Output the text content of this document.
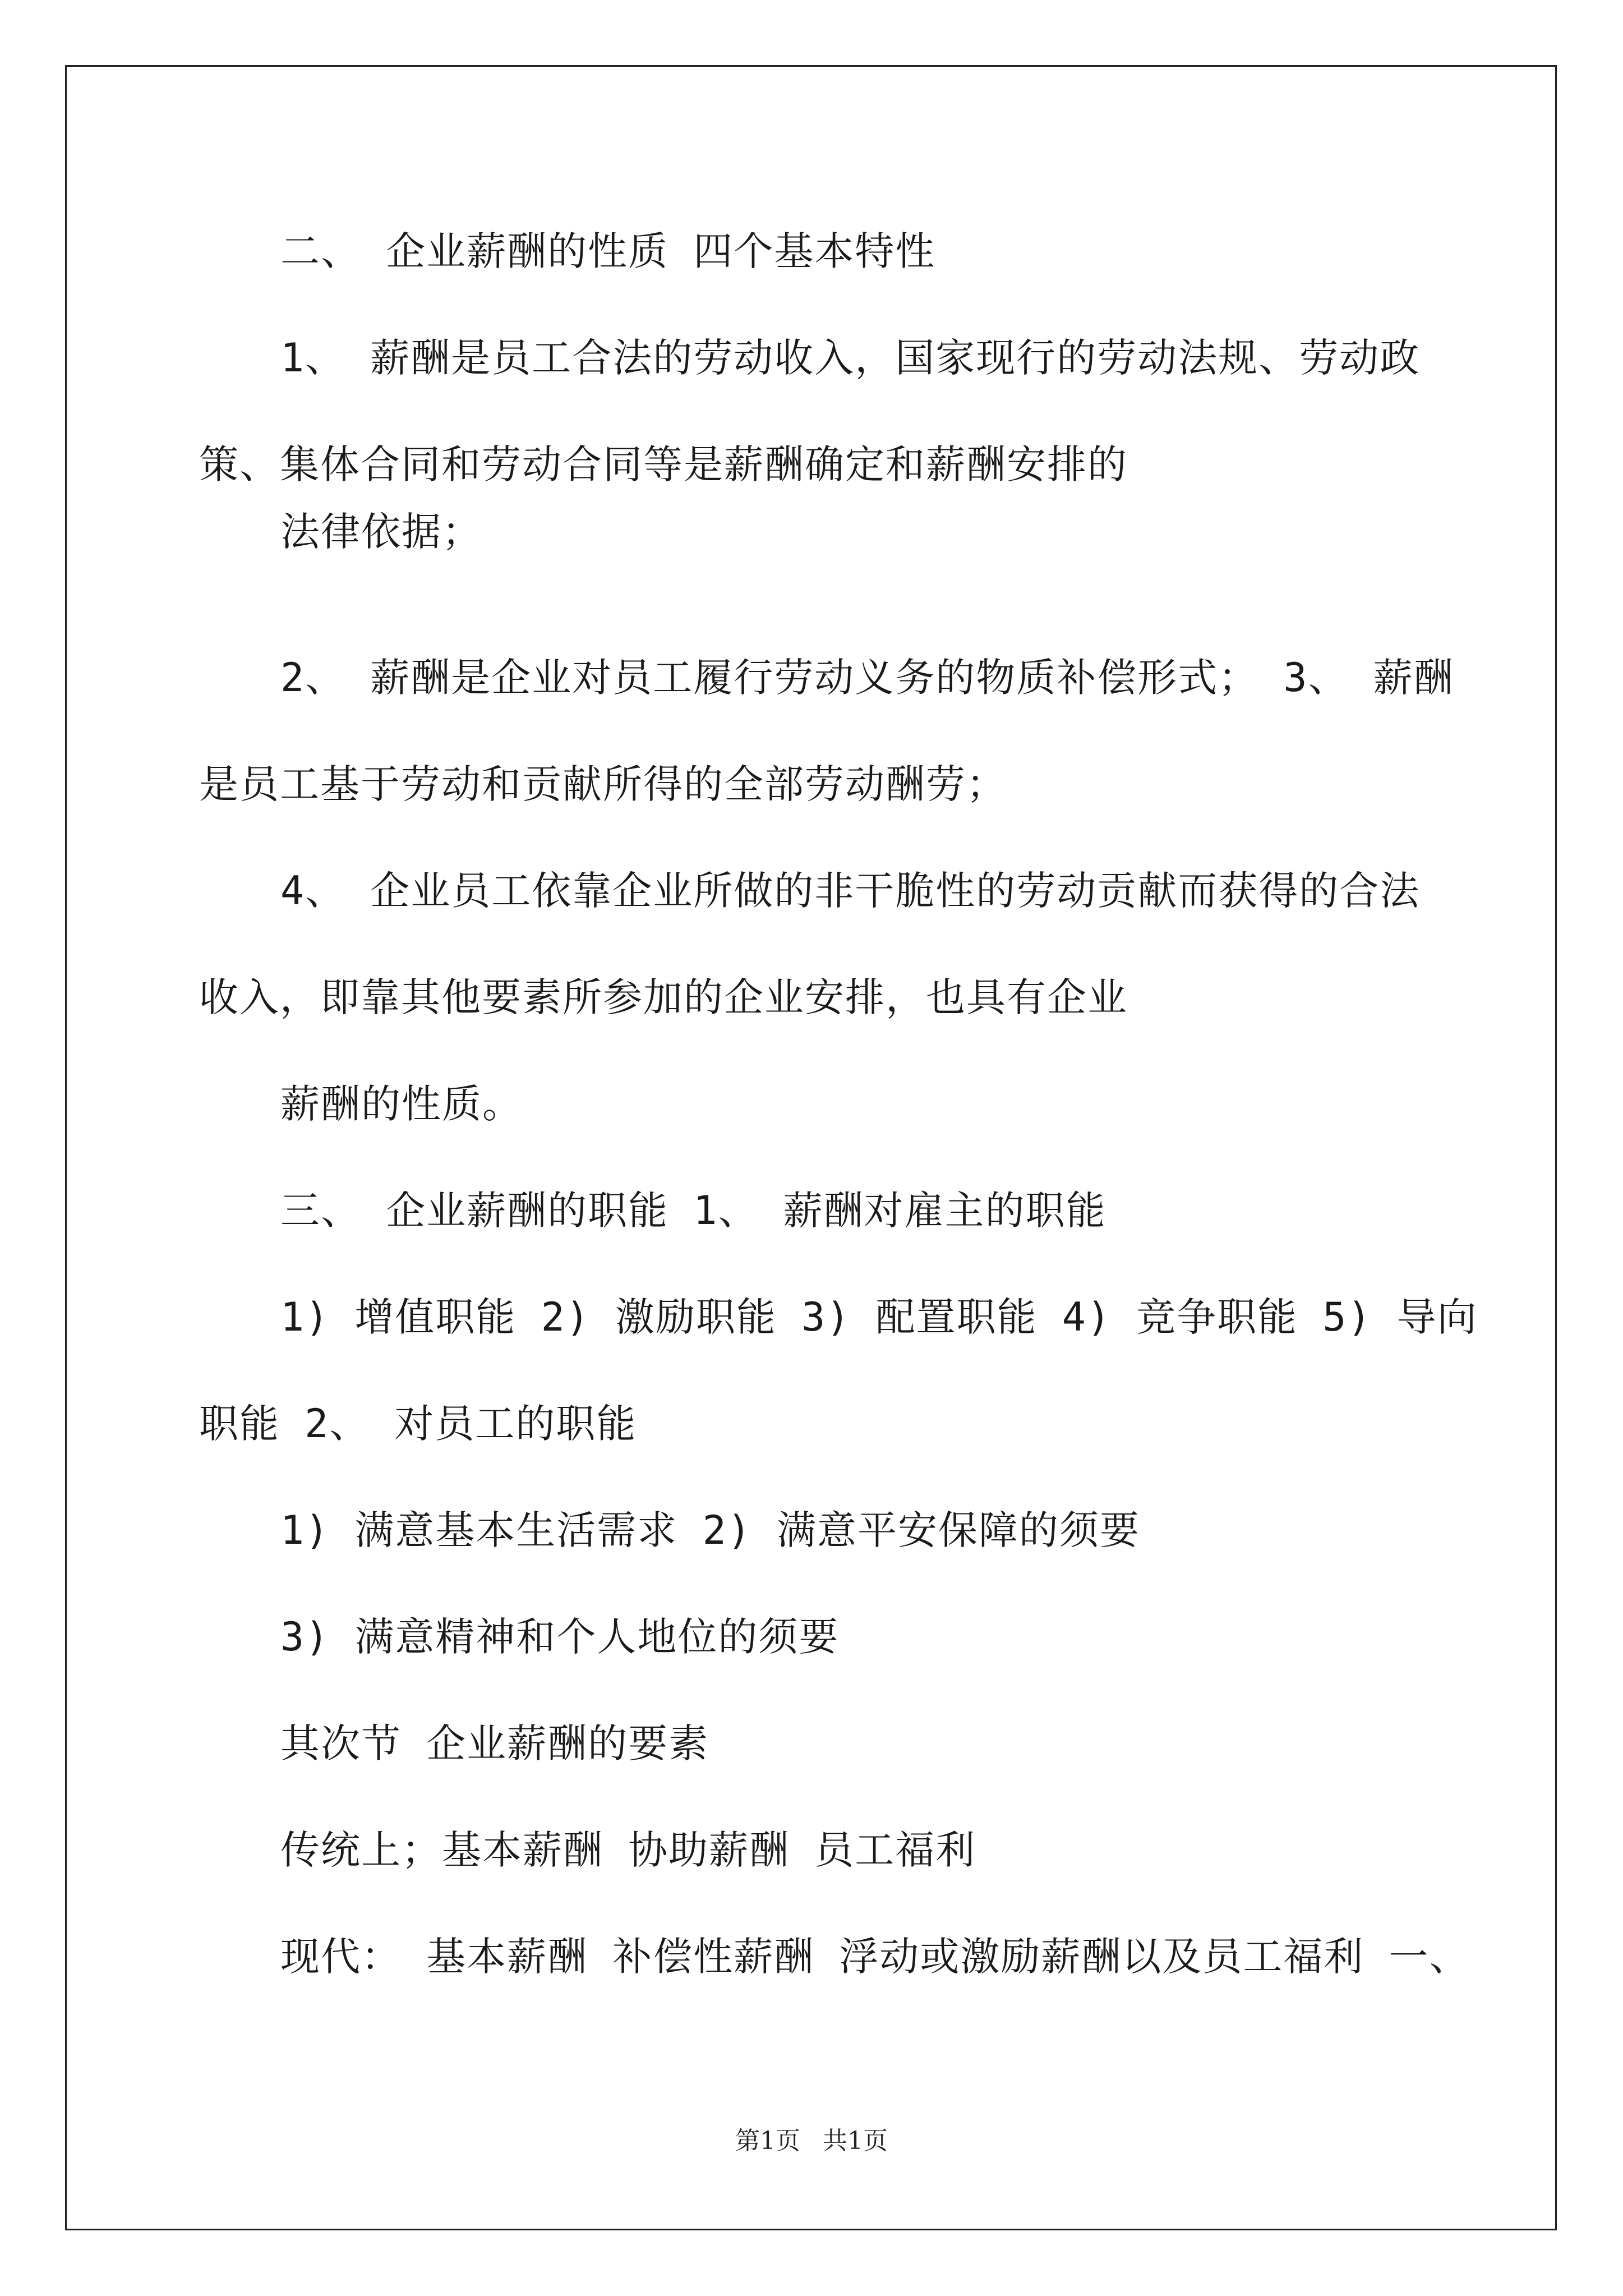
二、 企业薪酬的性质 四个基本特性
1、 薪酬是员工合法的劳动收入，国家现行的劳动法规、劳动政
策、集体合同和劳动合同等是薪酬确定和薪酬安排的
法律依据；
2、 薪酬是企业对员工履行劳动义务的物质补偿形式； 3、 薪酬
是员工基于劳动和贡献所得的全部劳动酬劳；
4、 企业员工依靠企业所做的非干脆性的劳动贡献而获得的合法
收入，即靠其他要素所参加的企业安排，也具有企业
薪酬的性质。
三、 企业薪酬的职能 1、 薪酬对雇主的职能
1) 增值职能 2) 激励职能 3) 配置职能 4) 竞争职能 5) 导向
职能 2、 对员工的职能
1) 满意基本生活需求 2) 满意平安保障的须要
3) 满意精神和个人地位的须要
其次节 企业薪酬的要素
传统上；基本薪酬 协助薪酬 员工福利
现代： 基本薪酬 补偿性薪酬 浮动或激励薪酬以及员工福利 一、
第1页 共1页
